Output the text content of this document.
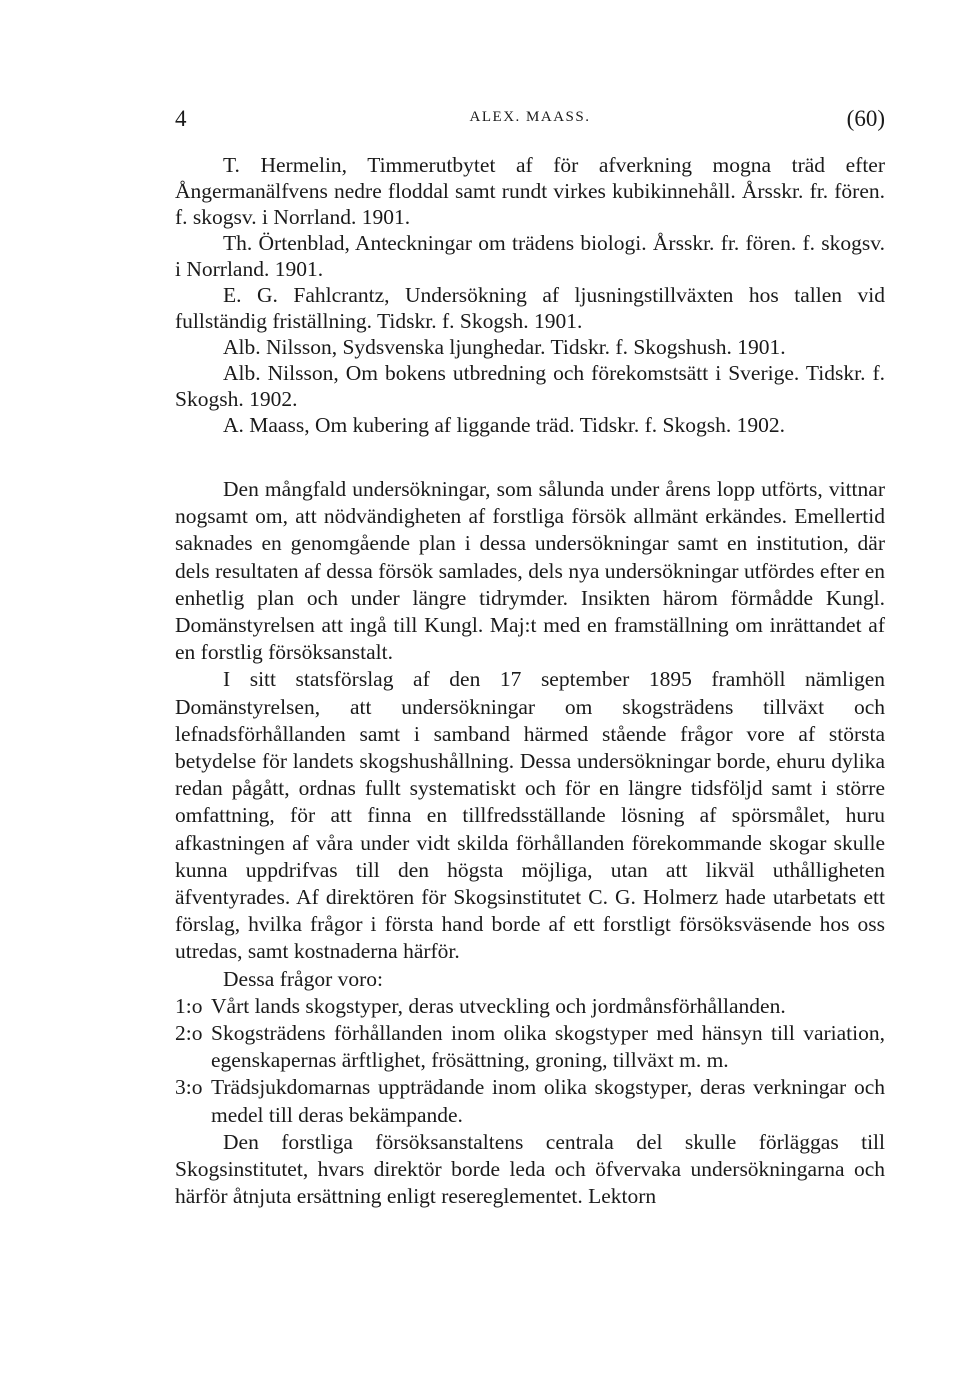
4	ALEX. MAASS.	(60)

T. Hermelin, Timmerutbytet af för afverkning mogna träd efter Ångermanälfvens nedre floddal samt rundt virkes kubikinnehåll. Årsskr. fr. fören. f. skogsv. i Norrland. 1901.

Th. Örtenblad, Anteckningar om trädens biologi. Årsskr. fr. fören. f. skogsv. i Norrland. 1901.

E. G. Fahlcrantz, Undersökning af ljusningstillväxten hos tallen vid fullständig friställning. Tidskr. f. Skogsh. 1901.

Alb. Nilsson, Sydsvenska ljunghedar. Tidskr. f. Skogshush. 1901.

Alb. Nilsson, Om bokens utbredning och förekomstsätt i Sverige. Tidskr. f. Skogsh. 1902.

A. Maass, Om kubering af liggande träd. Tidskr. f. Skogsh. 1902.

Den mångfald undersökningar, som sålunda under årens lopp utförts, vittnar nogsamt om, att nödvändigheten af forstliga försök allmänt erkändes. Emellertid saknades en genomgående plan i dessa undersökningar samt en institution, där dels resultaten af dessa försök samlades, dels nya undersökningar utfördes efter en enhetlig plan och under längre tidrymder. Insikten härom förmådde Kungl. Domänstyrelsen att ingå till Kungl. Maj:t med en framställning om inrättandet af en forstlig försöksanstalt.

I sitt statsförslag af den 17 september 1895 framhöll nämligen Domänstyrelsen, att undersökningar om skogsträdens tillväxt och lefnadsförhållanden samt i samband härmed stående frågor vore af största betydelse för landets skogshushållning. Dessa undersökningar borde, ehuru dylika redan pågått, ordnas fullt systematiskt och för en längre tidsföljd samt i större omfattning, för att finna en tillfredsställande lösning af spörsmålet, huru afkastningen af våra under vidt skilda förhållanden förekommande skogar skulle kunna uppdrifvas till den högsta möjliga, utan att likväl uthålligheten äfventyrades. Af direktören för Skogsinstitutet C. G. Holmerz hade utarbetats ett förslag, hvilka frågor i första hand borde af ett forstligt försöksväsende hos oss utredas, samt kostnaderna härför.

Dessa frågor voro:

1:o Vårt lands skogstyper, deras utveckling och jordmånsförhållanden.
2:o Skogsträdens förhållanden inom olika skogstyper med hänsyn till variation, egenskapernas ärftlighet, frösättning, groning, tillväxt m. m.
3:o Trädsjukdomarnas uppträdande inom olika skogstyper, deras verkningar och medel till deras bekämpande.

Den forstliga försöksanstaltens centrala del skulle förläggas till Skogsinstitutet, hvars direktör borde leda och öfvervaka undersökningarna och härför åtnjuta ersättning enligt resereglementet. Lektorn
